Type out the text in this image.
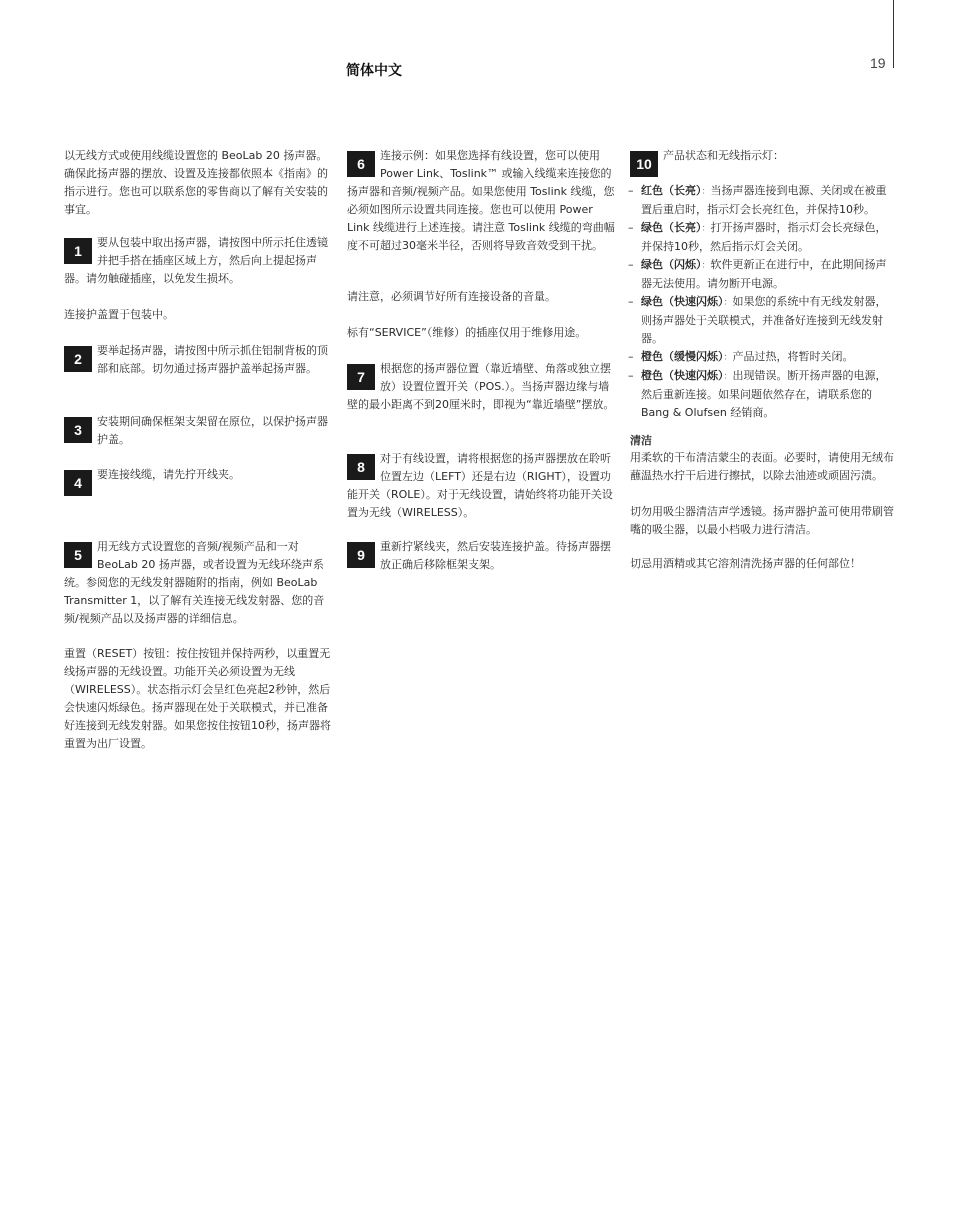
19
简体中文

以无线方式或使用线缆设置您的 BeoLab 20 扬声器。确保此扬声器的摆放、设置及连接都依照本《指南》的指示进行。您也可以联系您的零售商以了解有关安装的事宜。

1

要从包装中取出扬声器，请按图中所示托住透镜并把手搭在插座区域上方，然后向上提起扬声器。请勿触碰插座，以免发生损坏。

连接护盖置于包装中。

2

要举起扬声器，请按图中所示抓住铝制背板的顶部和底部。切勿通过扬声器护盖举起扬声器。

3

安装期间确保框架支架留在原位，以保护扬声器护盖。

4

要连接线缆，请先拧开线夹。

5

用无线方式设置您的音频/视频产品和一对 BeoLab 20 扬声器，或者设置为无线环绕声系统。参阅您的无线发射器随附的指南，例如 BeoLab Transmitter 1，以了解有关连接无线发射器、您的音频/视频产品以及扬声器的详细信息。

重置（RESET）按钮：按住按钮并保持两秒，以重置无线扬声器的无线设置。功能开关必须设置为无线（WIRELESS）。状态指示灯会呈红色亮起2秒钟，然后会快速闪烁绿色。扬声器现在处于关联模式，并已准备好连接到无线发射器。如果您按住按钮10秒，扬声器将重置为出厂设置。

6

连接示例：如果您选择有线设置，您可以使用 Power Link、Toslink™ 或输入线缆来连接您的扬声器和音频/视频产品。如果您使用 Toslink 线缆，您必须如图所示设置共同连接。您也可以使用 Power Link 线缆进行上述连接。请注意 Toslink 线缆的弯曲幅度不可超过30毫米半径，否则将导致音效受到干扰。

请注意，必须调节好所有连接设备的音量。

标有“SERVICE”（维修）的插座仅用于维修用途。

7

根据您的扬声器位置（靠近墙壁、角落或独立摆放）设置位置开关（POS.）。当扬声器边缘与墙壁的最小距离不到20厘米时，即视为“靠近墙壁”摆放。

8

对于有线设置，请将根据您的扬声器摆放在聆听位置左边（LEFT）还是右边（RIGHT），设置功能开关（ROLE）。对于无线设置，请始终将功能开关设置为无线（WIRELESS）。

9

重新拧紧线夹，然后安装连接护盖。待扬声器摆放正确后移除框架支架。

10

产品状态和无线指示灯：

– 红色（长亮）：当扬声器连接到电源、关闭或在被重置后重启时，指示灯会长亮红色，并保持10秒。
– 绿色（长亮）：打开扬声器时，指示灯会长亮绿色，并保持10秒，然后指示灯会关闭。
– 绿色（闪烁）：软件更新正在进行中，在此期间扬声器无法使用。请勿断开电源。
– 绿色（快速闪烁）：如果您的系统中有无线发射器，则扬声器处于关联模式，并准备好连接到无线发射器。
– 橙色（缓慢闪烁）：产品过热，将暂时关闭。
– 橙色（快速闪烁）：出现错误。断开扬声器的电源，然后重新连接。如果问题依然存在，请联系您的 Bang & Olufsen 经销商。

清洁

用柔软的干布清洁蒙尘的表面。必要时，请使用无绒布蘸温热水拧干后进行擦拭，以除去油迹或顽固污渍。

切勿用吸尘器清洁声学透镜。扬声器护盖可使用带刷管嘴的吸尘器，以最小档吸力进行清洁。

切忌用酒精或其它溶剂清洗扬声器的任何部位！
